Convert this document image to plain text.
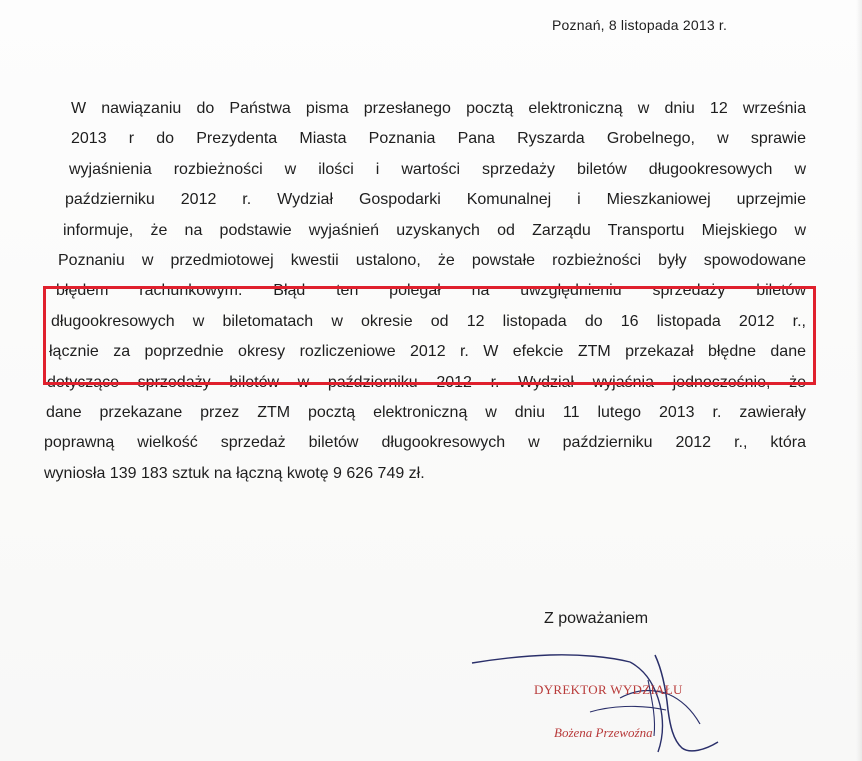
Poznań, 8 listopada 2013 r.
W nawiązaniu do Państwa pisma przesłanego pocztą elektroniczną w dniu 12 września
2013 r do Prezydenta Miasta Poznania Pana Ryszarda Grobelnego, w sprawie
wyjaśnienia rozbieżności w ilości i wartości sprzedaży biletów długookresowych w
październiku 2012 r. Wydział Gospodarki Komunalnej i Mieszkaniowej uprzejmie
informuje, że na podstawie wyjaśnień uzyskanych od Zarządu Transportu Miejskiego w
Poznaniu w przedmiotowej kwestii ustalono, że powstałe rozbieżności były spowodowane
błędem rachunkowym. Błąd ten polegał na uwzględnieniu sprzedaży biletów
długookresowych w biletomatach w okresie od 12 listopada do 16 listopada 2012 r.,
łącznie za poprzednie okresy rozliczeniowe 2012 r. W efekcie ZTM przekazał błędne dane
dotyczące sprzedaży biletów w październiku 2012 r. Wydział wyjaśnia jednocześnie, że
dane przekazane przez ZTM pocztą elektroniczną w dniu 11 lutego 2013 r. zawierały
poprawną wielkość sprzedaż biletów długookresowych w październiku 2012 r., która
wyniosła 139 183 sztuk na łączną kwotę 9 626 749 zł.
Z poważaniem
DYREKTOR WYDZIAŁU
Bożena Przewoźna
